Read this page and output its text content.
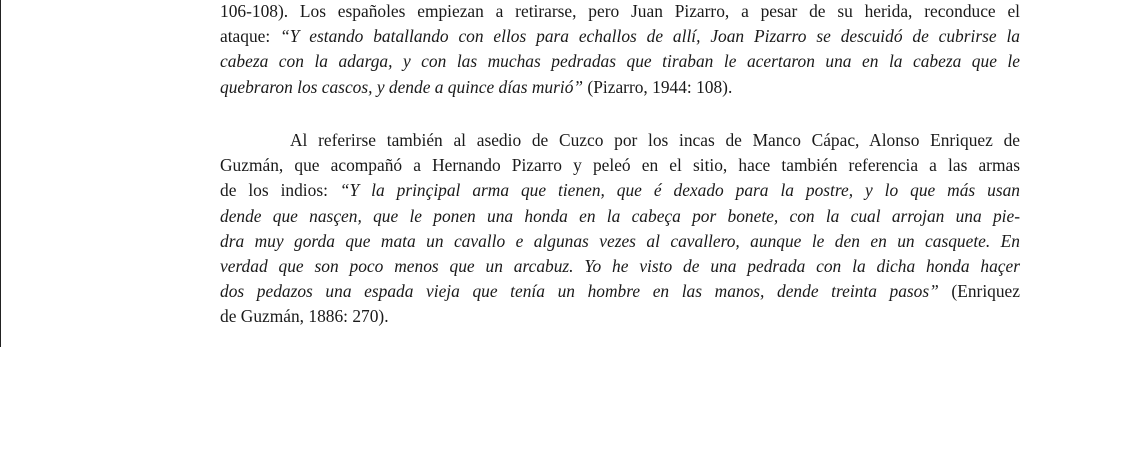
106-108). Los españoles empiezan a retirarse, pero Juan Pizarro, a pesar de su herida, reconduce el
ataque: “Y estando batallando con ellos para echallos de allí, Joan Pizarro se descuidó de cubrirse la
cabeza con la adarga, y con las muchas pedradas que tiraban le acertaron una en la cabeza que le
quebraron los cascos, y dende a quince días murió” (Pizarro, 1944: 108).
Al referirse también al asedio de Cuzco por los incas de Manco Cápac, Alonso Enriquez de
Guzmán, que acompañó a Hernando Pizarro y peleó en el sitio, hace también referencia a las armas
de los indios: “Y la prinçipal arma que tienen, que é dexado para la postre, y lo que más usan
dende que nasçen, que le ponen una honda en la cabeça por bonete, con la cual arrojan una pie-
dra muy gorda que mata un cavallo e algunas vezes al cavallero, aunque le den en un casquete. En
verdad que son poco menos que un arcabuz. Yo he visto de una pedrada con la dicha honda haçer
dos pedazos una espada vieja que tenía un hombre en las manos, dende treinta pasos” (Enriquez
de Guzmán, 1886: 270).
